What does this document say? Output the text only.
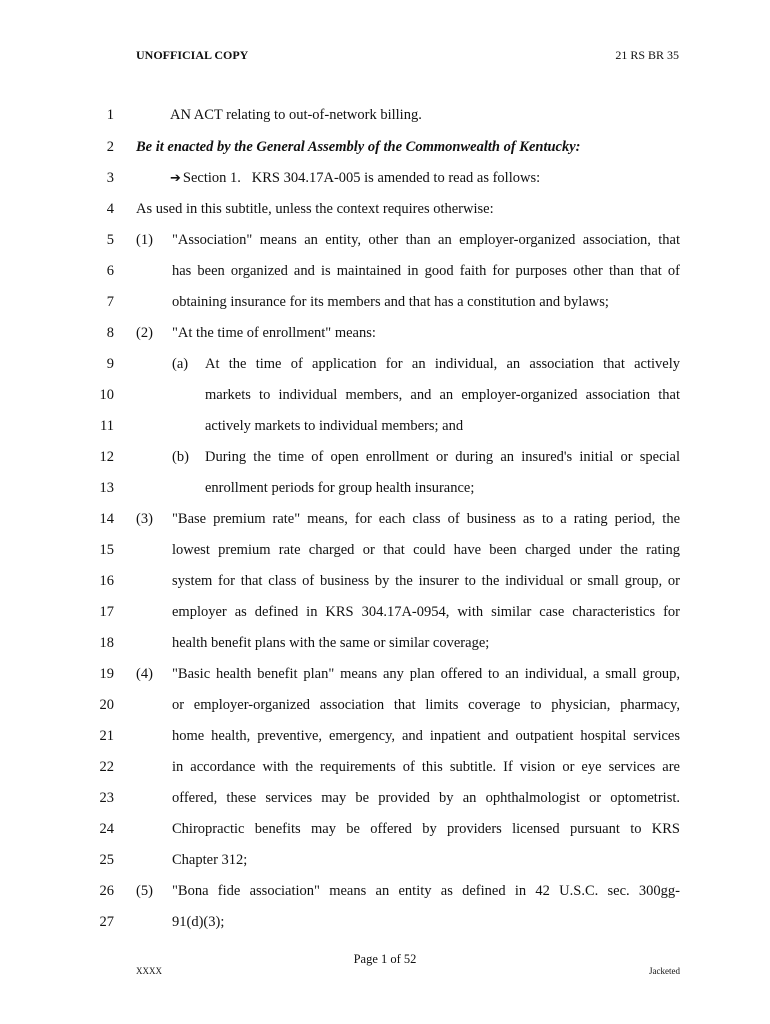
UNOFFICIAL COPY	21 RS BR 35
1	AN ACT relating to out-of-network billing.
2 Be it enacted by the General Assembly of the Commonwealth of Kentucky:
3	➔ Section 1.   KRS 304.17A-005 is amended to read as follows:
4 As used in this subtitle, unless the context requires otherwise:
5 (1) "Association" means an entity, other than an employer-organized association, that
6	has been organized and is maintained in good faith for purposes other than that of
7	obtaining insurance for its members and that has a constitution and bylaws;
8 (2) "At the time of enrollment" means:
9	(a) At the time of application for an individual, an association that actively
10	markets to individual members, and an employer-organized association that
11	actively markets to individual members; and
12	(b) During the time of open enrollment or during an insured's initial or special
13	enrollment periods for group health insurance;
14 (3) "Base premium rate" means, for each class of business as to a rating period, the
15	lowest premium rate charged or that could have been charged under the rating
16	system for that class of business by the insurer to the individual or small group, or
17	employer as defined in KRS 304.17A-0954, with similar case characteristics for
18	health benefit plans with the same or similar coverage;
19 (4) "Basic health benefit plan" means any plan offered to an individual, a small group,
20	or employer-organized association that limits coverage to physician, pharmacy,
21	home health, preventive, emergency, and inpatient and outpatient hospital services
22	in accordance with the requirements of this subtitle. If vision or eye services are
23	offered, these services may be provided by an ophthalmologist or optometrist.
24	Chiropractic benefits may be offered by providers licensed pursuant to KRS
25	Chapter 312;
26 (5) "Bona fide association" means an entity as defined in 42 U.S.C. sec. 300gg-
27	91(d)(3);
Page 1 of 52
XXXX	Jacketed
